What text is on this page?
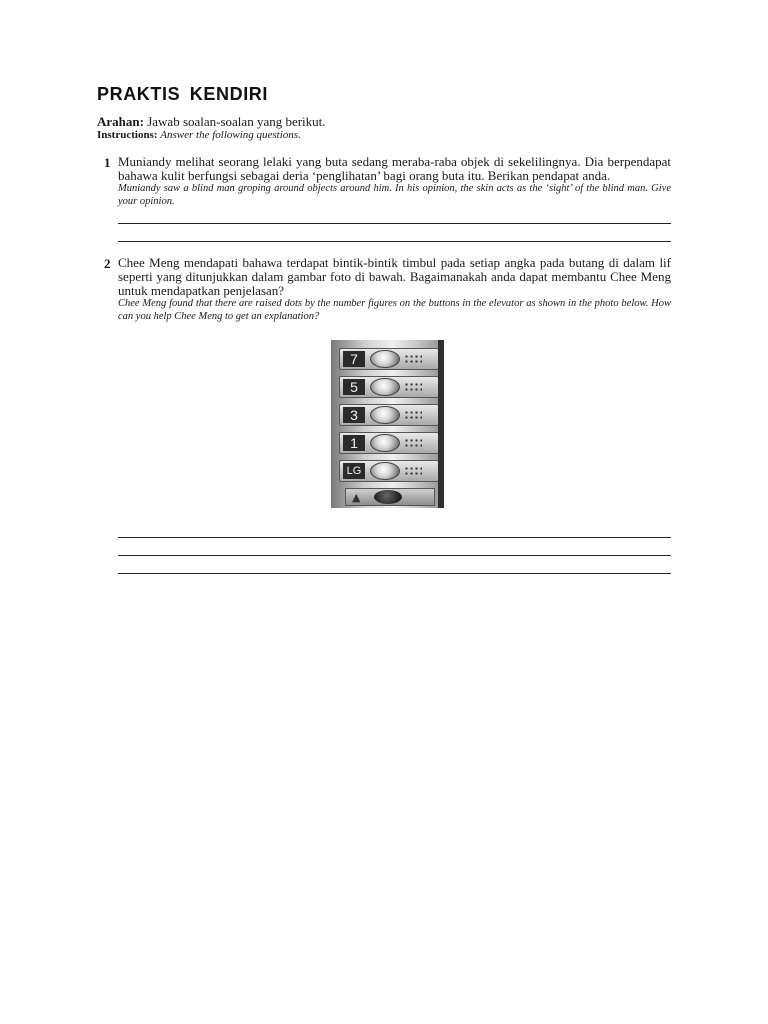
PRAKTIS KENDIRI
Arahan: Jawab soalan-soalan yang berikut.
Instructions: Answer the following questions.
1 Muniandy melihat seorang lelaki yang buta sedang meraba-raba objek di sekelilingnya. Dia berpendapat bahawa kulit berfungsi sebagai deria ‘penglihatan’ bagi orang buta itu. Berikan pendapat anda.
Muniandy saw a blind man groping around objects around him. In his opinion, the skin acts as the ‘sight’ of the blind man. Give your opinion.
2 Chee Meng mendapati bahawa terdapat bintik-bintik timbul pada setiap angka pada butang di dalam lif seperti yang ditunjukkan dalam gambar foto di bawah. Bagaimanakah anda dapat membantu Chee Meng untuk mendapatkan penjelasan?
Chee Meng found that there are raised dots by the number figures on the buttons in the elevator as shown in the photo below. How can you help Chee Meng to get an explanation?
7
5
3
1
LG
▲
